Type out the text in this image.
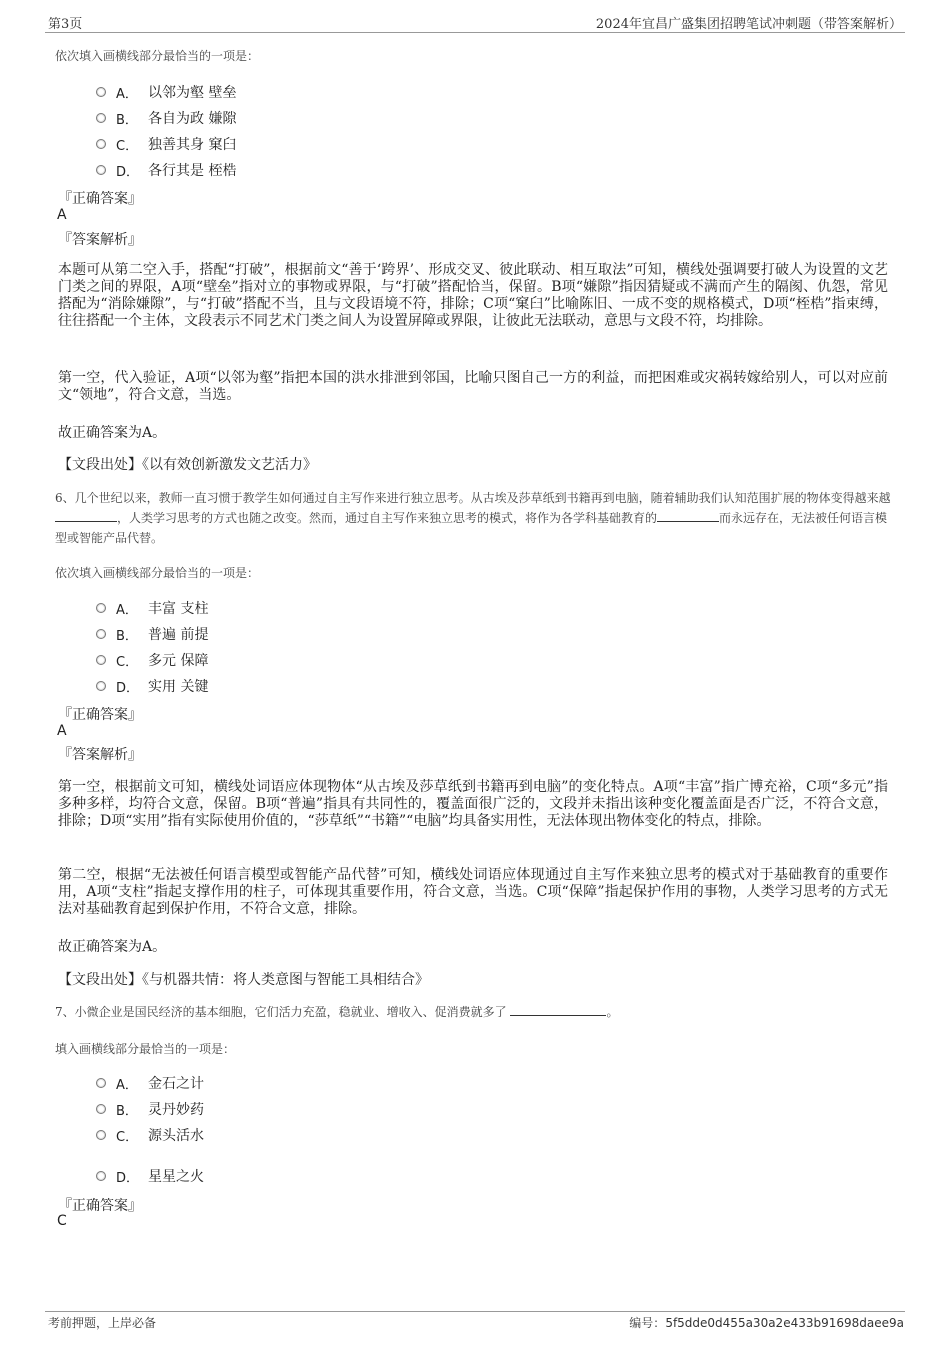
第3页	2024年宜昌广盛集团招聘笔试冲刺题（带答案解析）
依次填入画横线部分最恰当的一项是：
A． 以邻为壑 壁垒
B． 各自为政 嫌隙
C． 独善其身 窠臼
D． 各行其是 桎梏
『正确答案』
A
『答案解析』
本题可从第二空入手，搭配“打破”，根据前文“善于‘跨界’、形成交叉、彼此联动、相互取法”可知，横线处强调要打破人为设置的文艺门类之间的界限，A项“壁垒”指对立的事物或界限，与“打破”搭配恰当，保留。B项“嫌隙”指因猜疑或不满而产生的隔阂、仇怨，常见搭配为“消除嫌隙”，与“打破”搭配不当，且与文段语境不符，排除；C项“窠臼”比喻陈旧、一成不变的规格模式，D项“桎梏”指束缚，往往搭配一个主体，文段表示不同艺术门类之间人为设置屏障或界限，让彼此无法联动，意思与文段不符，均排除。
第一空，代入验证，A项“以邻为壑”指把本国的洪水排泄到邻国，比喻只图自己一方的利益，而把困难或灾祸转嫁给别人，可以对应前文“领地”，符合文意，当选。
故正确答案为A。
【文段出处】《以有效创新激发文艺活力》
6、几个世纪以来，教师一直习惯于教学生如何通过自主写作来进行独立思考。从古埃及莎草纸到书籍再到电脑，随着辅助我们认知范围扩展的物体变得越来越，人类学习思考的方式也随之改变。然而，通过自主写作来独立思考的模式，将作为各学科基础教育的	而永远存在，无法被任何语言模型或智能产品代替。
依次填入画横线部分最恰当的一项是：
A． 丰富 支柱
B． 普遍 前提
C． 多元 保障
D． 实用 关键
『正确答案』
A
『答案解析』
第一空，根据前文可知，横线处词语应体现物体“从古埃及莎草纸到书籍再到电脑”的变化特点。A项“丰富”指广博充裕，C项“多元”指多种多样，均符合文意，保留。B项“普遍”指具有共同性的，覆盖面很广泛的，文段并未指出该种变化覆盖面是否广泛，不符合文意，排除；D项“实用”指有实际使用价值的，“莎草纸”“书籍”“电脑”均具备实用性，无法体现出物体变化的特点，排除。
第二空，根据“无法被任何语言模型或智能产品代替”可知，横线处词语应体现通过自主写作来独立思考的模式对于基础教育的重要作用，A项“支柱”指起支撑作用的柱子，可体现其重要作用，符合文意，当选。C项“保障”指起保护作用的事物，人类学习思考的方式无法对基础教育起到保护作用，不符合文意，排除。
故正确答案为A。
【文段出处】《与机器共情：将人类意图与智能工具相结合》
7、小微企业是国民经济的基本细胞，它们活力充盈，稳就业、增收入、促消费就多了	。
填入画横线部分最恰当的一项是：
A． 金石之计
B． 灵丹妙药
C． 源头活水
D． 星星之火
『正确答案』
C
考前押题，上岸必备	编号：5f5dde0d455a30a2e433b91698daee9a
